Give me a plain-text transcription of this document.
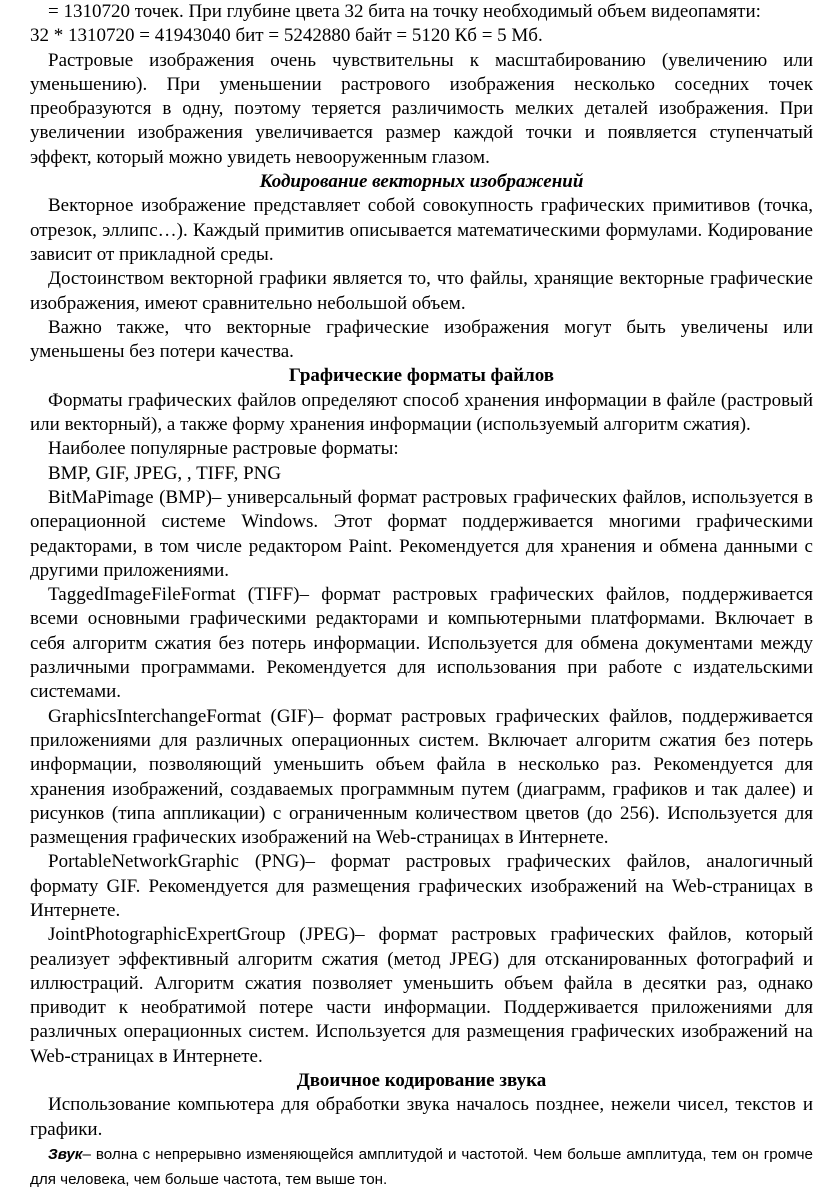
= 1310720 точек. При глубине цвета 32 бита на точку необходимый объем видеопамяти:

32 * 1310720 = 41943040 бит = 5242880 байт = 5120 Кб = 5 Мб.

Растровые изображения очень чувствительны к масштабированию (увеличению или уменьшению). При уменьшении растрового изображения несколько соседних точек преобразуются в одну, поэтому теряется различимость мелких деталей изображения. При увеличении изображения увеличивается размер каждой точки и появляется ступенчатый эффект, который можно увидеть невооруженным глазом.

Кодирование векторных изображений

Векторное изображение представляет собой совокупность графических примитивов (точка, отрезок, эллипс…). Каждый примитив описывается математическими формулами. Кодирование зависит от прикладной среды.

Достоинством векторной графики является то, что файлы, хранящие векторные графические изображения, имеют сравнительно небольшой объем.

Важно также, что векторные графические изображения могут быть увеличены или уменьшены без потери качества.

Графические форматы файлов

Форматы графических файлов определяют способ хранения информации в файле (растровый или векторный), а также форму хранения информации (используемый алгоритм сжатия).

Наиболее популярные растровые форматы:

BMP, GIF, JPEG, , TIFF, PNG

BitMaPimage (BMP)– универсальный формат растровых графических файлов, используется в операционной системе Windows. Этот формат поддерживается многими графическими редакторами, в том числе редактором Paint. Рекомендуется для хранения и обмена данными с другими приложениями.

TaggedImageFileFormat (TIFF)– формат растровых графических файлов, поддерживается всеми основными графическими редакторами и компьютерными платформами. Включает в себя алгоритм сжатия без потерь информации. Используется для обмена документами между различными программами. Рекомендуется для использования при работе с издательскими системами.

GraphicsInterchangeFormat (GIF)– формат растровых графических файлов, поддерживается приложениями для различных операционных систем. Включает алгоритм сжатия без потерь информации, позволяющий уменьшить объем файла в несколько раз. Рекомендуется для хранения изображений, создаваемых программным путем (диаграмм, графиков и так далее) и рисунков (типа аппликации) с ограниченным количеством цветов (до 256). Используется для размещения графических изображений на Web-страницах в Интернете.

PortableNetworkGraphic (PNG)– формат растровых графических файлов, аналогичный формату GIF. Рекомендуется для размещения графических изображений на Web-страницах в Интернете.

JointPhotographicExpertGroup (JPEG)– формат растровых графических файлов, который реализует эффективный алгоритм сжатия (метод JPEG) для отсканированных фотографий и иллюстраций. Алгоритм сжатия позволяет уменьшить объем файла в десятки раз, однако приводит к необратимой потере части информации. Поддерживается приложениями для различных операционных систем. Используется для размещения графических изображений на Web-страницах в Интернете.

Двоичное кодирование звука

Использование компьютера для обработки звука началось позднее, нежели чисел, текстов и графики.

Звук– волна с непрерывно изменяющейся амплитудой и частотой. Чем больше амплитуда, тем он громче для человека, чем больше частота, тем выше тон.
